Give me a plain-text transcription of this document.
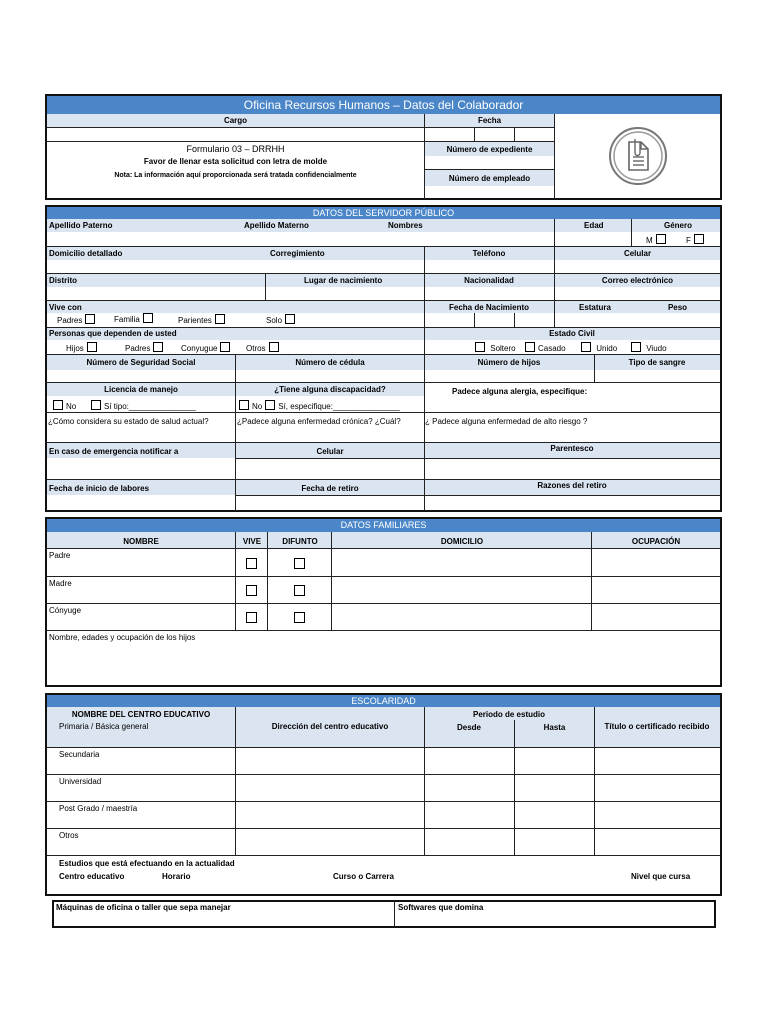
Oficina Recursos Humanos – Datos del Colaborador
Cargo
Formulario 03 – DRRHH
Favor de llenar esta solicitud con letra de molde
Nota: La información aquí proporcionada será tratada confidencialmente
Fecha
Número de expediente
Número de empleado
DATOS DEL SERVIDOR PÚBLICO
Apellido Paterno	Apellido Materno	Nombres	Edad	Género
M	F
Domicilio detallado	Corregimiento	Teléfono	Celular
Distrito	Lugar de nacimiento	Nacionalidad	Correo electrónico
Vive con
Padres	Familia	Parientes	Solo
Fecha de Nacimiento	Estatura	Peso
Personas que dependen de usted
Hijos	Padres	Conyugue	Otros
Estado Civil
Soltero	Casado	Unido	Viudo
Número de Seguridad Social	Número de cédula	Número de hijos	Tipo de sangre
Licencia de manejo
No	Sí tipo:_______________
¿Tiene alguna discapacidad?
No Sí, especifique:_______________
Padece alguna alergia, especifique:
¿Cómo considera su estado de salud actual?	¿Padece alguna enfermedad crónica? ¿Cuál?	¿ Padece alguna enfermedad de alto riesgo ?
En caso de emergencia notificar a	Celular	Parentesco
Fecha de inicio de labores	Fecha de retiro	Razones del retiro
DATOS FAMILIARES
NOMBRE	VIVE	DIFUNTO	DOMICILIO	OCUPACIÓN
Padre
Madre
Cónyuge
Nombre, edades y ocupación de los hijos
ESCOLARIDAD
NOMBRE DEL CENTRO EDUCATIVO
Primaria / Básica general	Dirección del centro educativo
Periodo de estudio
Desde	Hasta	Título o certificado recibido
Secundaria
Universidad
Post Grado / maestría
Otros
Estudios que está efectuando en la actualidad
Centro educativo	Horario	Curso o Carrera	Nivel que cursa
Máquinas de oficina o taller que sepa manejar	Softwares que domina
